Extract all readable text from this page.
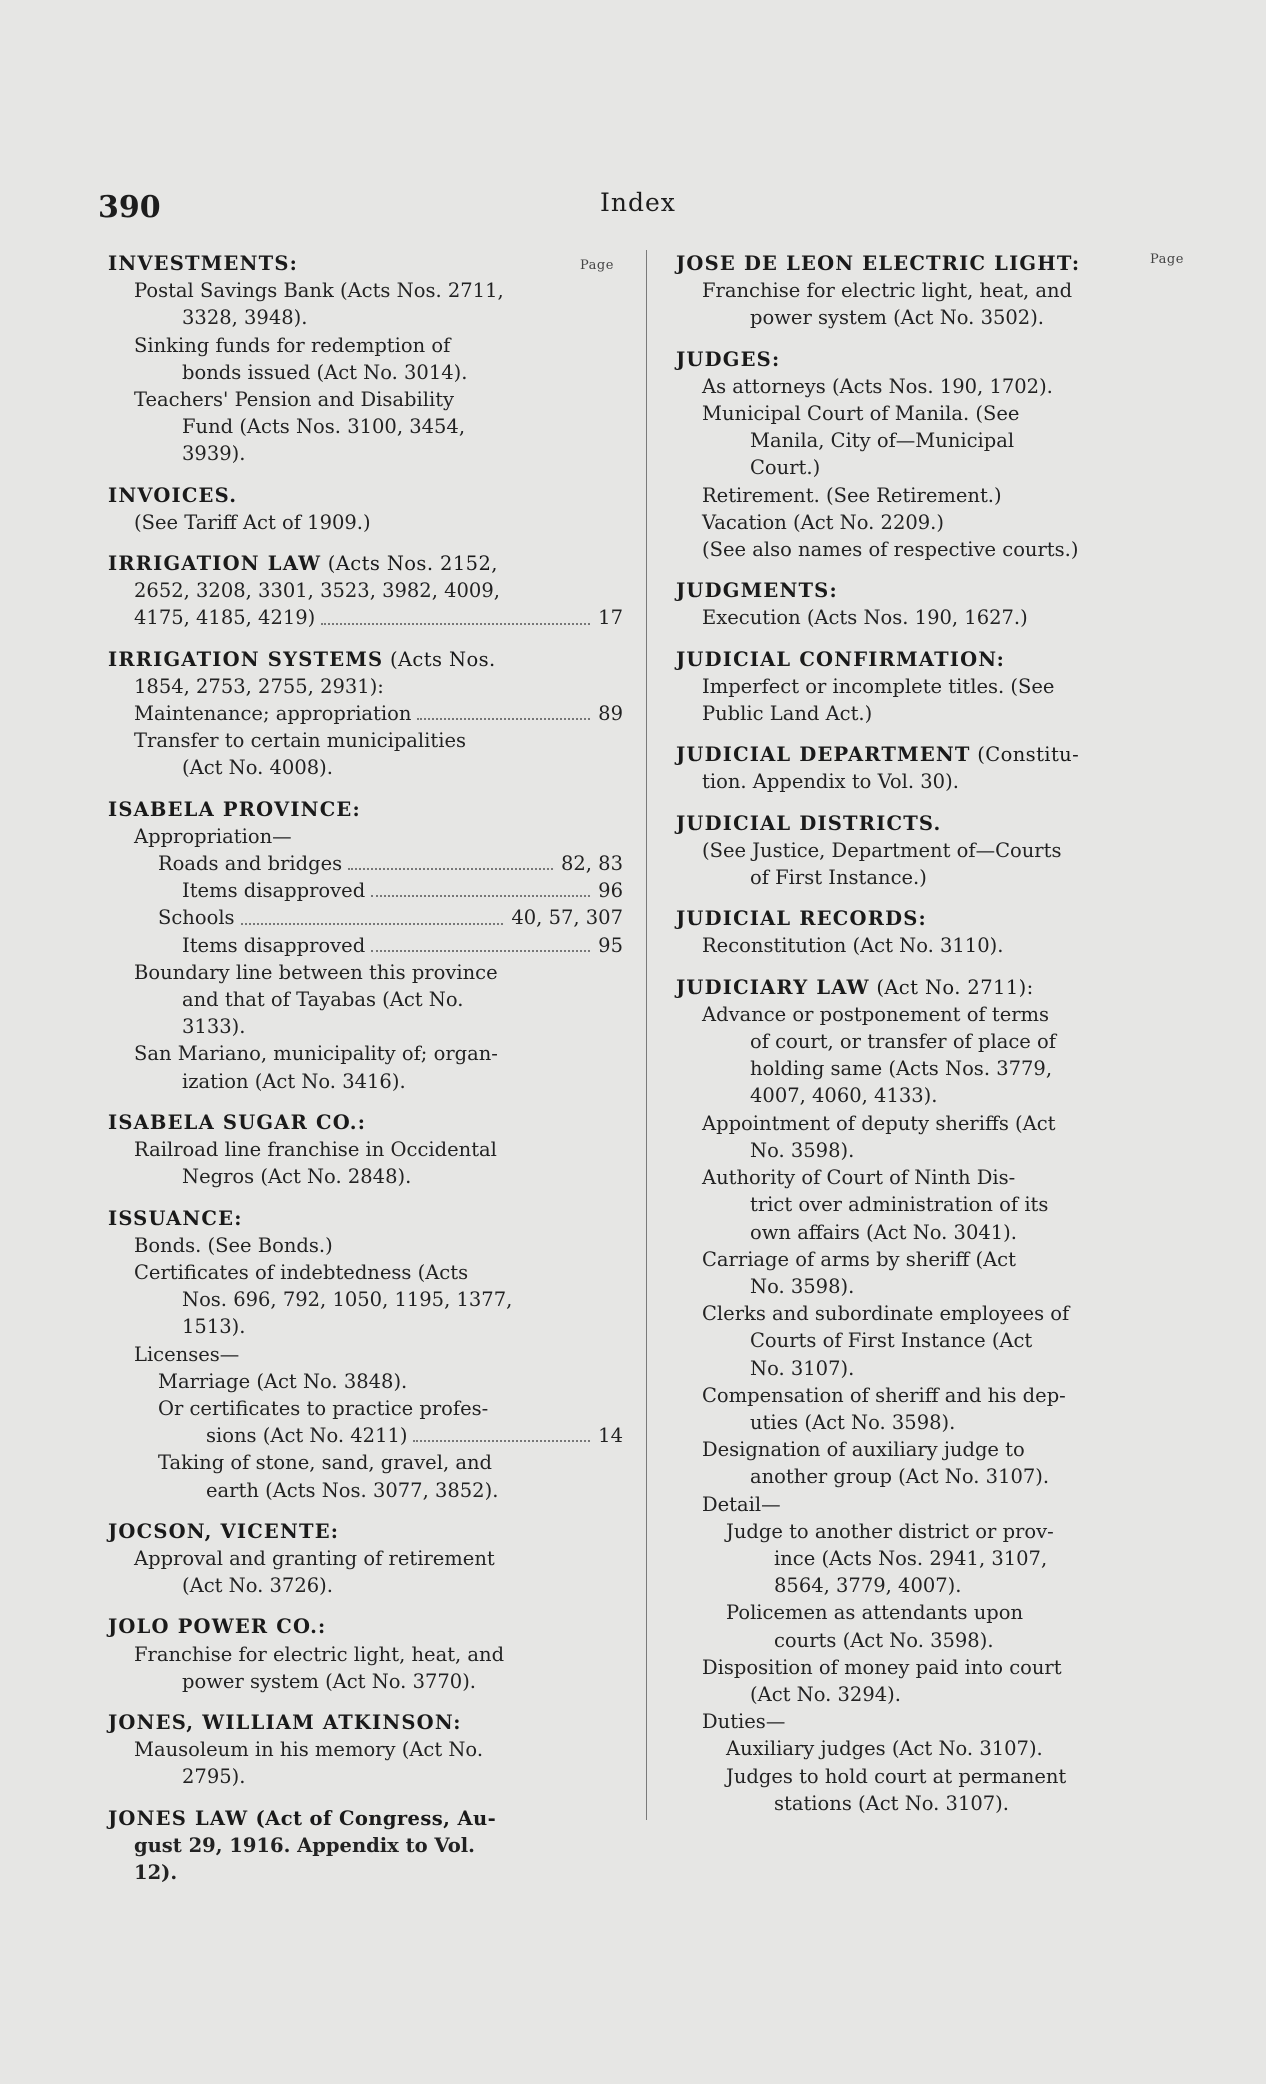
390	Index
Page	Page
INVESTMENTS:
Postal Savings Bank (Acts Nos. 2711,
3328, 3948).
Sinking funds for redemption of
bonds issued (Act No. 3014).
Teachers' Pension and Disability
Fund (Acts Nos. 3100, 3454,
3939).
INVOICES.
(See Tariff Act of 1909.)
IRRIGATION LAW (Acts Nos. 2152,
2652, 3208, 3301, 3523, 3982, 4009,
4175, 4185, 4219)	17
IRRIGATION SYSTEMS (Acts Nos.
1854, 2753, 2755, 2931):
Maintenance; appropriation	89
Transfer to certain municipalities
(Act No. 4008).
ISABELA PROVINCE:
Appropriation—
Roads and bridges	82, 83
Items disapproved	96
Schools	40, 57, 307
Items disapproved	95
Boundary line between this province
and that of Tayabas (Act No.
3133).
San Mariano, municipality of; organ-
ization (Act No. 3416).
ISABELA SUGAR CO.:
Railroad line franchise in Occidental
Negros (Act No. 2848).
ISSUANCE:
Bonds. (See Bonds.)
Certificates of indebtedness (Acts
Nos. 696, 792, 1050, 1195, 1377,
1513).
Licenses—
Marriage (Act No. 3848).
Or certificates to practice profes-
sions (Act No. 4211)	14
Taking of stone, sand, gravel, and
earth (Acts Nos. 3077, 3852).
JOCSON, VICENTE:
Approval and granting of retirement
(Act No. 3726).
JOLO POWER CO.:
Franchise for electric light, heat, and
power system (Act No. 3770).
JONES, WILLIAM ATKINSON:
Mausoleum in his memory (Act No.
2795).
JONES LAW (Act of Congress, Au-
gust 29, 1916. Appendix to Vol.
12).
JOSE DE LEON ELECTRIC LIGHT:
Franchise for electric light, heat, and
power system (Act No. 3502).
JUDGES:
As attorneys (Acts Nos. 190, 1702).
Municipal Court of Manila. (See
Manila, City of—Municipal
Court.)
Retirement. (See Retirement.)
Vacation (Act No. 2209.)
(See also names of respective courts.)
JUDGMENTS:
Execution (Acts Nos. 190, 1627.)
JUDICIAL CONFIRMATION:
Imperfect or incomplete titles. (See
Public Land Act.)
JUDICIAL DEPARTMENT (Constitu-
tion. Appendix to Vol. 30).
JUDICIAL DISTRICTS.
(See Justice, Department of—Courts
of First Instance.)
JUDICIAL RECORDS:
Reconstitution (Act No. 3110).
JUDICIARY LAW (Act No. 2711):
Advance or postponement of terms
of court, or transfer of place of
holding same (Acts Nos. 3779,
4007, 4060, 4133).
Appointment of deputy sheriffs (Act
No. 3598).
Authority of Court of Ninth Dis-
trict over administration of its
own affairs (Act No. 3041).
Carriage of arms by sheriff (Act
No. 3598).
Clerks and subordinate employees of
Courts of First Instance (Act
No. 3107).
Compensation of sheriff and his dep-
uties (Act No. 3598).
Designation of auxiliary judge to
another group (Act No. 3107).
Detail—
Judge to another district or prov-
ince (Acts Nos. 2941, 3107,
8564, 3779, 4007).
Policemen as attendants upon
courts (Act No. 3598).
Disposition of money paid into court
(Act No. 3294).
Duties—
Auxiliary judges (Act No. 3107).
Judges to hold court at permanent
stations (Act No. 3107).
